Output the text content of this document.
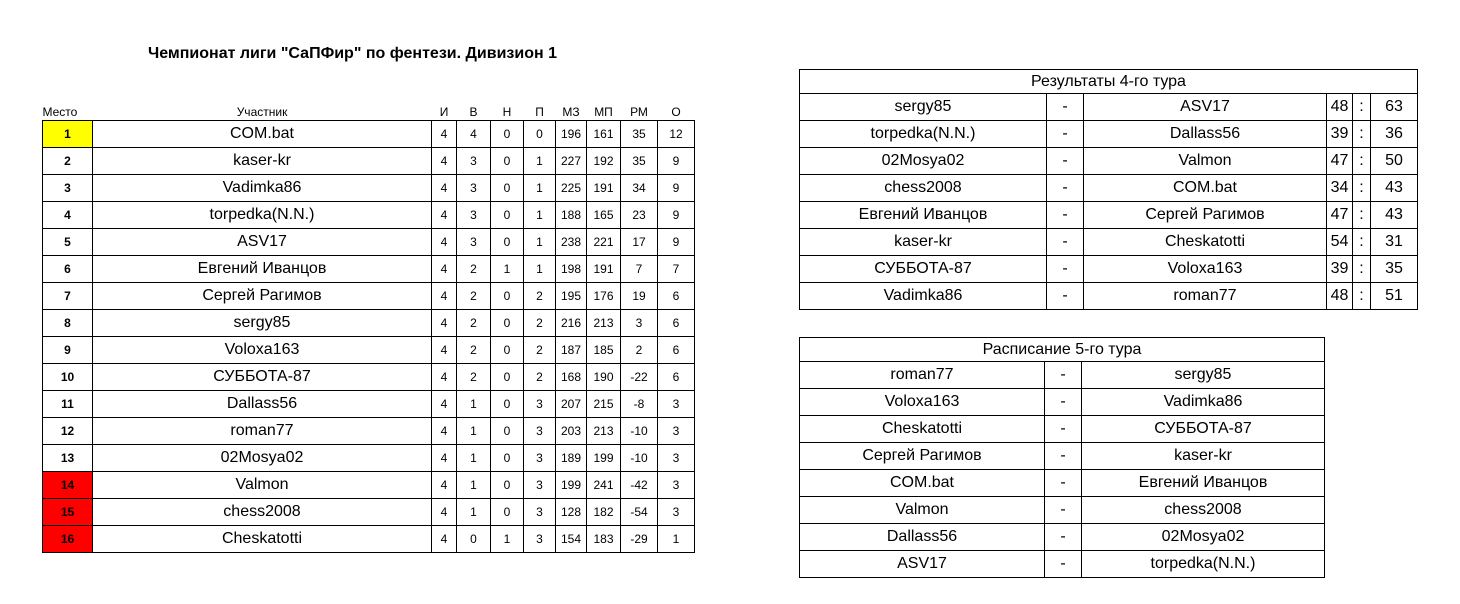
Чемпионат лиги "СаПФир" по фентези. Дивизион 1
Место	Участник	И	В	Н	П	МЗ	МП	РМ	О
1	COM.bat	4	4	0	0	196	161	35	12
2	kaser-kr	4	3	0	1	227	192	35	9
3	Vadimka86	4	3	0	1	225	191	34	9
4	torpedka(N.N.)	4	3	0	1	188	165	23	9
5	ASV17	4	3	0	1	238	221	17	9
6	Евгений Иванцов	4	2	1	1	198	191	7	7
7	Сергей Рагимов	4	2	0	2	195	176	19	6
8	sergy85	4	2	0	2	216	213	3	6
9	Voloxa163	4	2	0	2	187	185	2	6
10	СУББОТА-87	4	2	0	2	168	190	-22	6
11	Dallass56	4	1	0	3	207	215	-8	3
12	roman77	4	1	0	3	203	213	-10	3
13	02Mosya02	4	1	0	3	189	199	-10	3
14	Valmon	4	1	0	3	199	241	-42	3
15	chess2008	4	1	0	3	128	182	-54	3
16	Cheskatotti	4	0	1	3	154	183	-29	1
Результаты 4-го тура					
sergy85	-	ASV17	48	:	63
torpedka(N.N.)	-	Dallass56	39	:	36
02Mosya02	-	Valmon	47	:	50
chess2008	-	COM.bat	34	:	43
Евгений Иванцов	-	Сергей Рагимов	47	:	43
kaser-kr	-	Cheskatotti	54	:	31
СУББОТА-87	-	Voloxa163	39	:	35
Vadimka86	-	roman77	48	:	51
Расписание 5-го тура		
roman77	-	sergy85
Voloxa163	-	Vadimka86
Cheskatotti	-	СУББОТА-87
Сергей Рагимов	-	kaser-kr
COM.bat	-	Евгений Иванцов
Valmon	-	chess2008
Dallass56	-	02Mosya02
ASV17	-	torpedka(N.N.)
